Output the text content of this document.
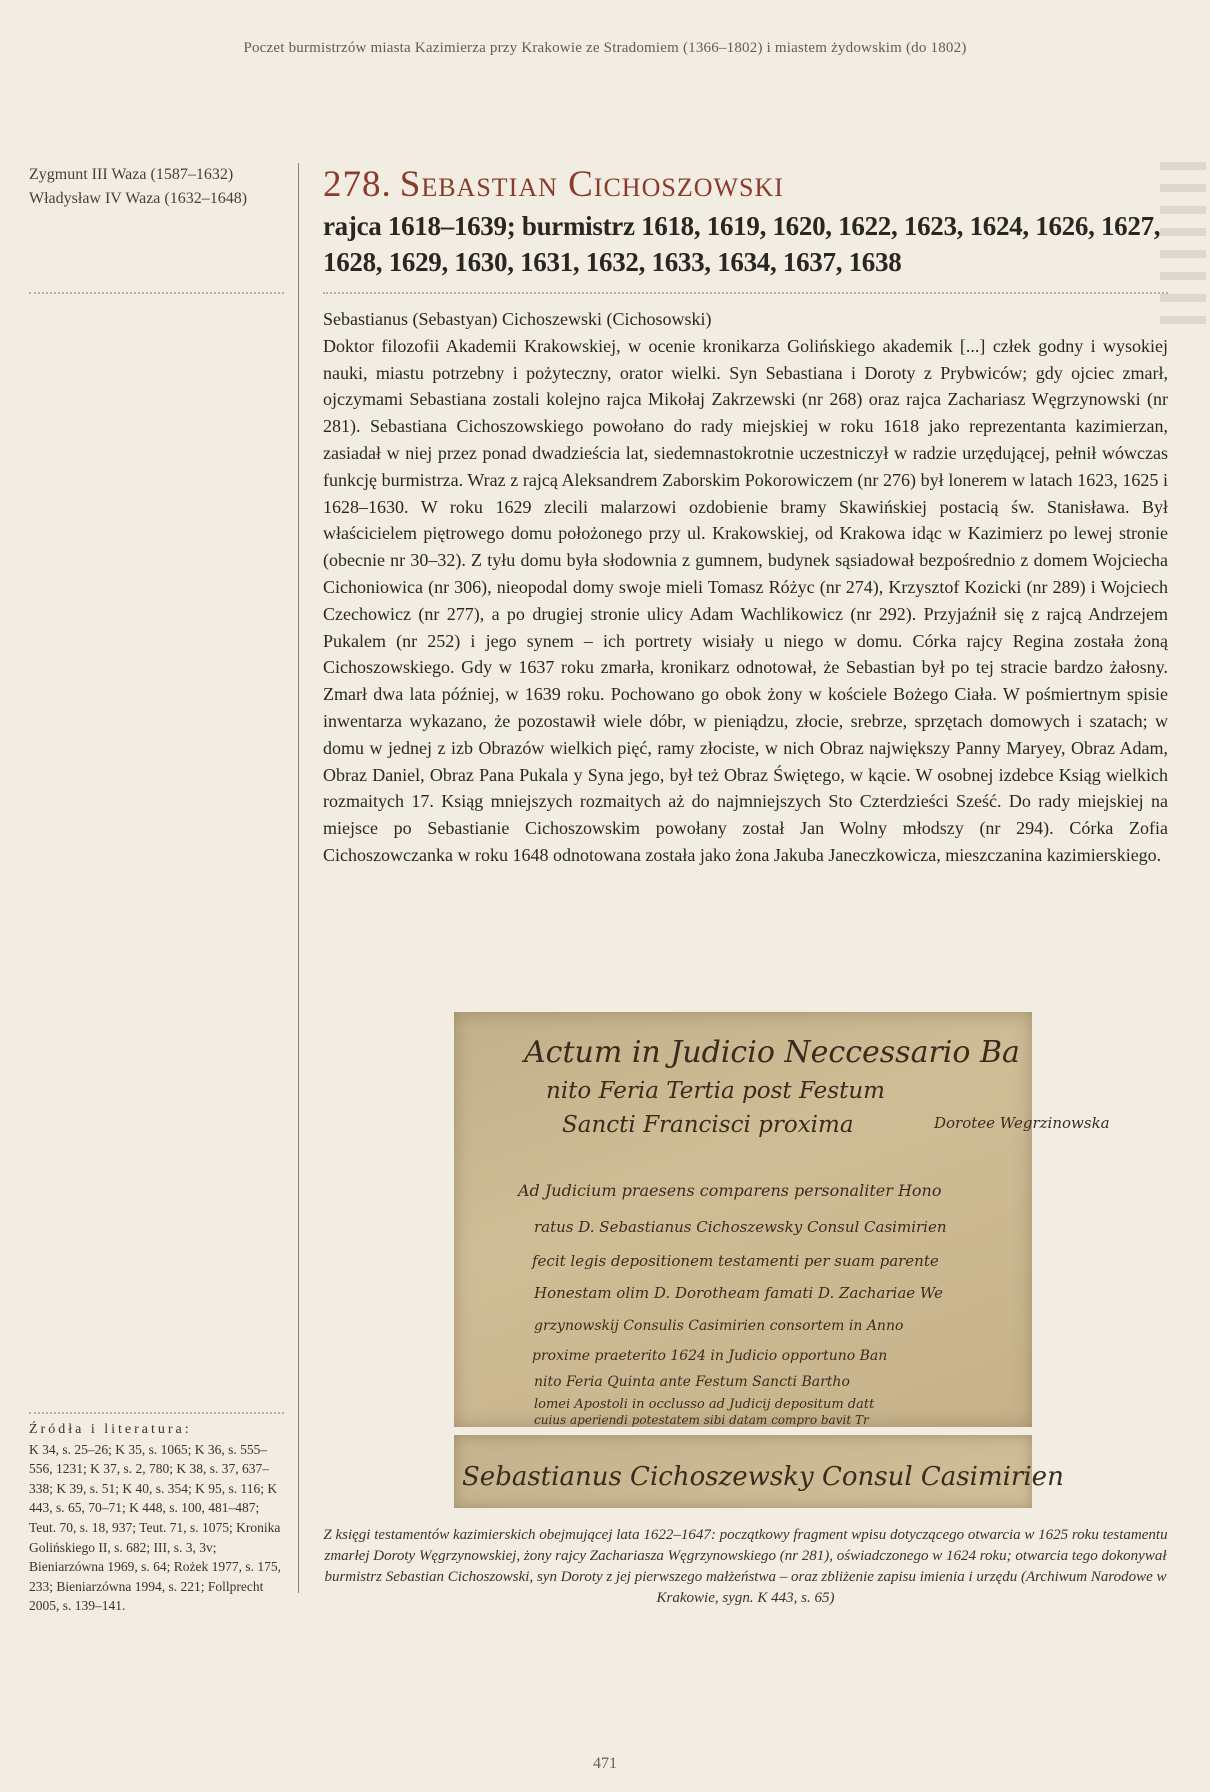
Poczet burmistrzów miasta Kazimierza przy Krakowie ze Stradomiem (1366–1802) i miastem żydowskim (do 1802)
Zygmunt III Waza (1587–1632)
Władysław IV Waza (1632–1648)	278. Sebastian Cichoszowski
rajca 1618–1639; burmistrz 1618, 1619, 1620, 1622, 1623, 1624, 1626, 1627, 1628, 1629, 1630, 1631, 1632, 1633, 1634, 1637, 1638
Sebastianus (Sebastyan) Cichoszewski (Cichosowski)
Doktor filozofii Akademii Krakowskiej, w ocenie kronikarza Golińskiego akademik [...] człek godny i wysokiej nauki, miastu potrzebny i pożyteczny, orator wielki. Syn Sebastiana i Doroty z Prybwiców; gdy ojciec zmarł, ojczymami Sebastiana zostali kolejno rajca Mikołaj Zakrzewski (nr 268) oraz rajca Zachariasz Węgrzynowski (nr 281). Sebastiana Cichoszowskiego powołano do rady miejskiej w roku 1618 jako reprezentanta kazimierzan, zasiadał w niej przez ponad dwadzieścia lat, siedemnastokrotnie uczestniczył w radzie urzędującej, pełnił wówczas funkcję burmistrza. Wraz z rajcą Aleksandrem Zaborskim Pokorowiczem (nr 276) był lonerem w latach 1623, 1625 i 1628–1630. W roku 1629 zlecili malarzowi ozdobienie bramy Skawińskiej postacią św. Stanisława. Był właścicielem piętrowego domu położonego przy ul. Krakowskiej, od Krakowa idąc w Kazimierz po lewej stronie (obecnie nr 30–32). Z tyłu domu była słodownia z gumnem, budynek sąsiadował bezpośrednio z domem Wojciecha Cichoniowica (nr 306), nieopodal domy swoje mieli Tomasz Różyc (nr 274), Krzysztof Kozicki (nr 289) i Wojciech Czechowicz (nr 277), a po drugiej stronie ulicy Adam Wachlikowicz (nr 292). Przyjaźnił się z rajcą Andrzejem Pukalem (nr 252) i jego synem – ich portrety wisiały u niego w domu. Córka rajcy Regina została żoną Cichoszowskiego. Gdy w 1637 roku zmarła, kronikarz odnotował, że Sebastian był po tej stracie bardzo żałosny. Zmarł dwa lata później, w 1639 roku. Pochowano go obok żony w kościele Bożego Ciała. W pośmiertnym spisie inwentarza wykazano, że pozostawił wiele dóbr, w pieniądzu, złocie, srebrze, sprzętach domowych i szatach; w domu w jednej z izb Obrazów wielkich pięć, ramy złociste, w nich Obraz największy Panny Maryey, Obraz Adam, Obraz Daniel, Obraz Pana Pukala y Syna jego, był też Obraz Świętego, w kącie. W osobnej izdebce Ksiąg wielkich rozmaitych 17. Ksiąg mniejszych rozmaitych aż do najmniejszych Sto Czterdzieści Sześć. Do rady miejskiej na miejsce po Sebastianie Cichoszowskim powołany został Jan Wolny młodszy (nr 294). Córka Zofia Cichoszowczanka w roku 1648 odnotowana została jako żona Jakuba Janeczkowicza, mieszczanina kazimierskiego.
Actum in Judicio Neccessario Ba
nito Feria Tertia post Festum
Sancti Francisci proxima
Ad Judicium praesens comparens personaliter Hono
ratus D. Sebastianus Cichoszewsky Consul Casimirien
fecit legis depositionem testamenti per suam parente
Honestam olim D. Dorotheam famati D. Zachariae We
grzynowskij Consulis Casimirien consortem in Anno
proxime praeterito 1624 in Judicio opportuno Ban
nito Feria Quinta ante Festum Sancti Bartho
lomei Apostoli in occlusso ad Judicij depositum datt
cuius aperiendi potestatem sibi datam compro bavit Tr
Dorotee Wegrzinowska
Sebastianus Cichoszewsky Consul Casimirien
Z księgi testamentów kazimierskich obejmującej lata 1622–1647: początkowy fragment wpisu dotyczącego otwarcia w 1625 roku testamentu zmarłej Doroty Węgrzynowskiej, żony rajcy Zachariasza Węgrzynowskiego (nr 281), oświadczonego w 1624 roku; otwarcia tego dokonywał burmistrz Sebastian Cichoszowski, syn Doroty z jej pierwszego małżeństwa – oraz zbliżenie zapisu imienia i urzędu (Archiwum Narodowe w Krakowie, sygn. K 443, s. 65)
Źródła i literatura:
K 34, s. 25–26; K 35, s. 1065; K 36, s. 555–556, 1231; K 37, s. 2, 780; K 38, s. 37, 637–338; K 39, s. 51; K 40, s. 354; K 95, s. 116; K 443, s. 65, 70–71; K 448, s. 100, 481–487; Teut. 70, s. 18, 937; Teut. 71, s. 1075; Kronika Golińskiego II, s. 682; III, s. 3, 3v; Bieniarzówna 1969, s. 64; Rożek 1977, s. 175, 233; Bieniarzówna 1994, s. 221; Follprecht 2005, s. 139–141.
471
